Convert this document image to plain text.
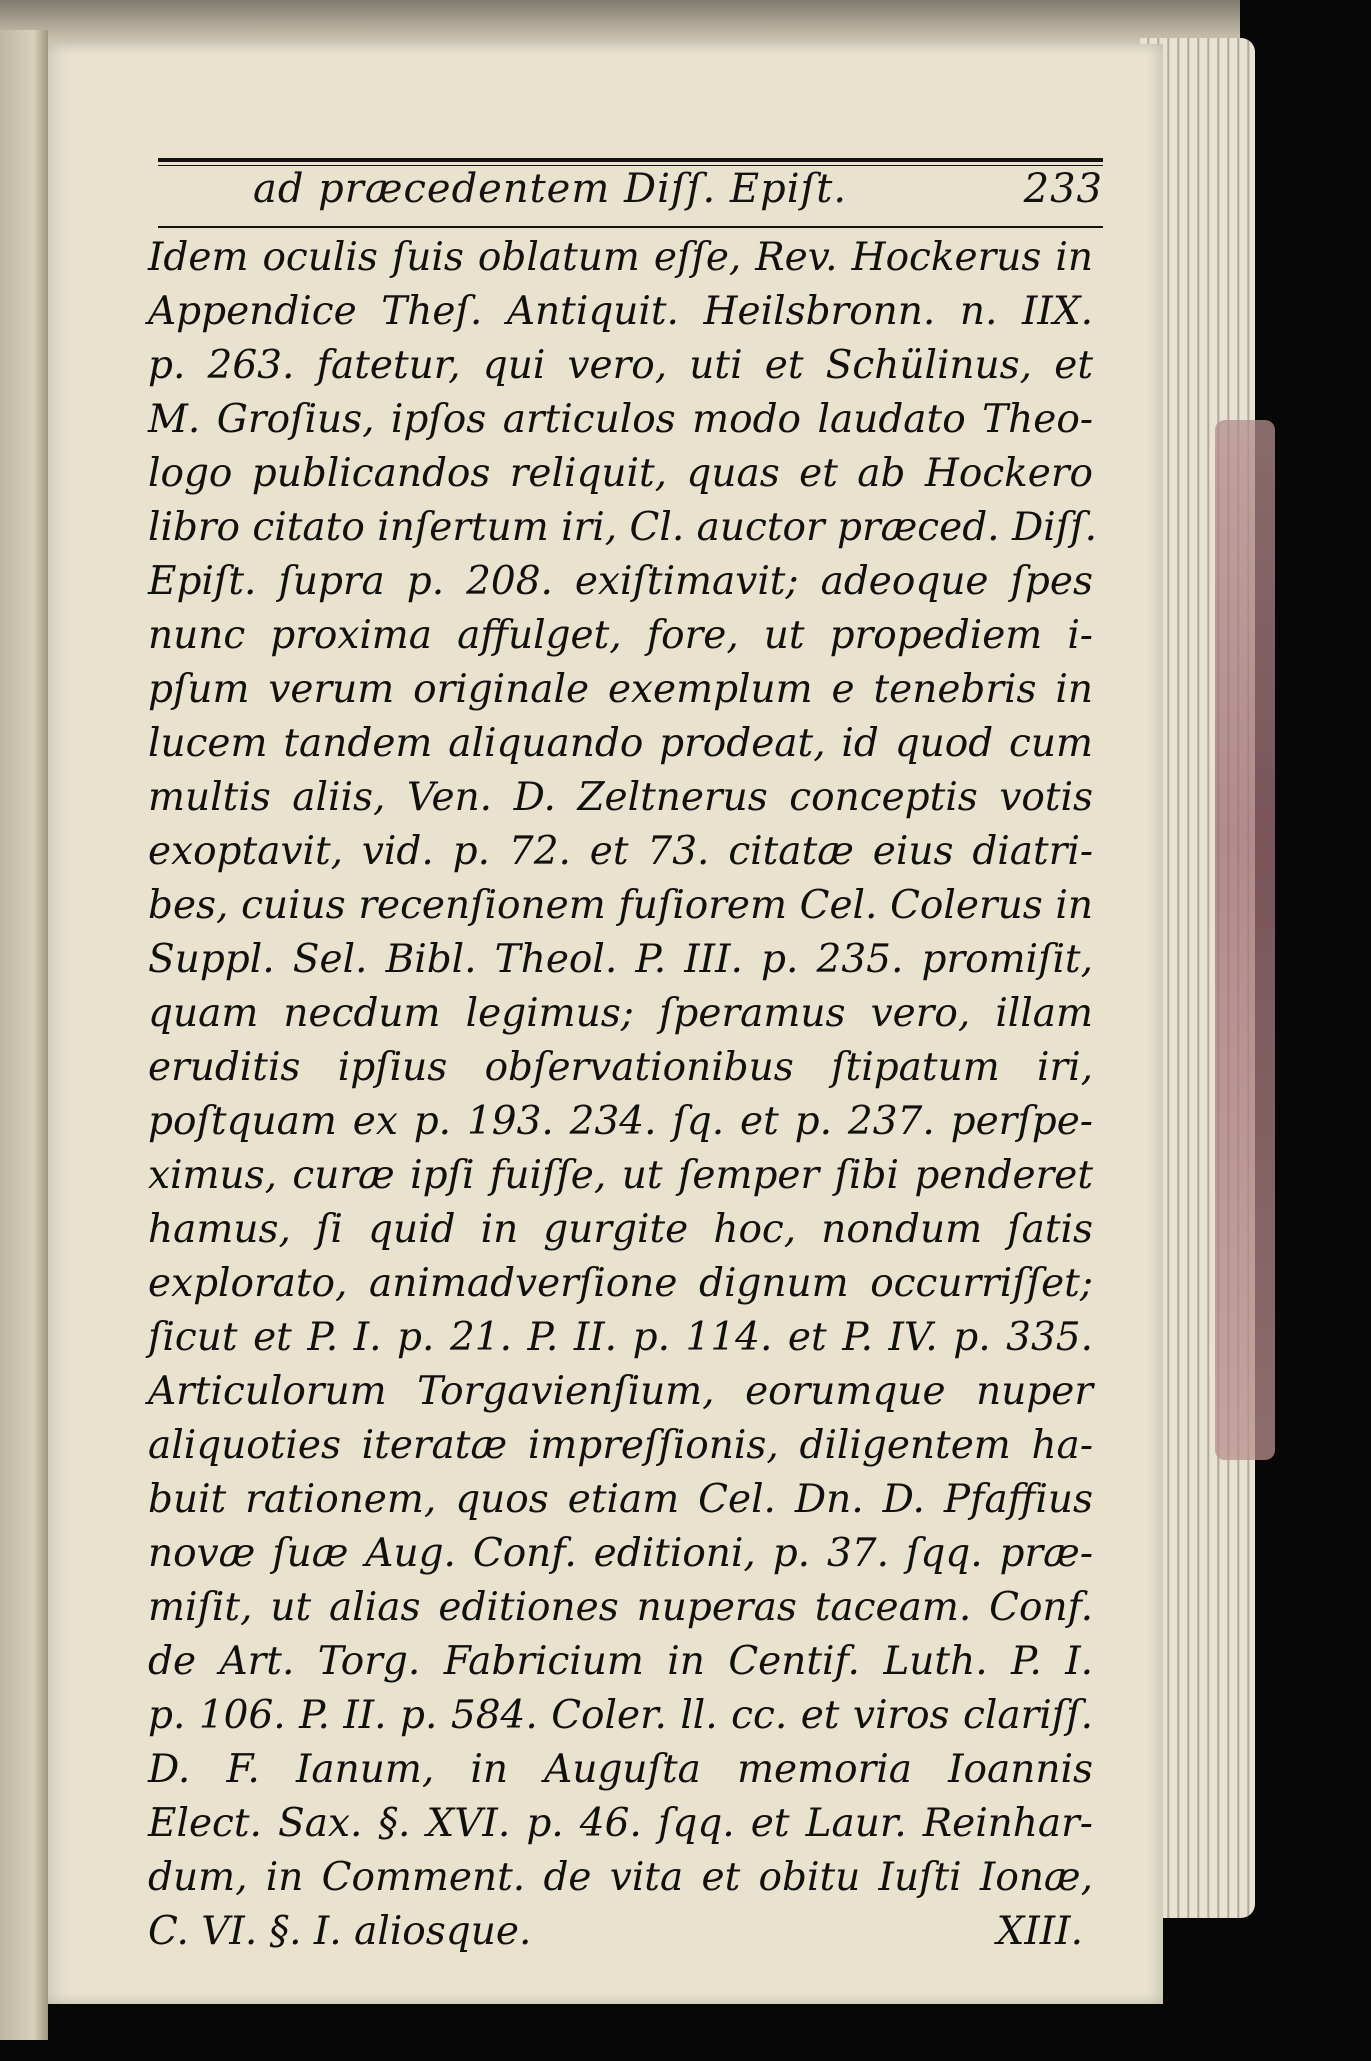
ad præcedentem Diſſ. Epiſt.	233
Idem oculis ſuis oblatum eſſe, Rev. Hockerus in
Appendice Theſ. Antiquit. Heilsbronn. n. IIX.
p. 263. fatetur, qui vero, uti et Schülinus, et
M. Groſius, ipſos articulos modo laudato Theo-
logo publicandos reliquit, quas et ab Hockero
libro citato inſertum iri, Cl. auctor præced. Diſſ.
Epiſt. ſupra p. 208. exiſtimavit; adeoque ſpes
nunc proxima affulget, fore, ut propediem i-
pſum verum originale exemplum e tenebris in
lucem tandem aliquando prodeat, id quod cum
multis aliis, Ven. D. Zeltnerus conceptis votis
exoptavit, vid. p. 72. et 73. citatæ eius diatri-
bes, cuius recenſionem fuſiorem Cel. Colerus in
Suppl. Sel. Bibl. Theol. P. III. p. 235. promiſit,
quam necdum legimus; ſperamus vero, illam
eruditis ipſius obſervationibus ſtipatum iri,
poſtquam ex p. 193. 234. ſq. et p. 237. perſpe-
ximus, curæ ipſi fuiſſe, ut ſemper ſibi penderet
hamus, ſi quid in gurgite hoc, nondum ſatis
explorato, animadverſione dignum occurriſſet;
ſicut et P. I. p. 21. P. II. p. 114. et P. IV. p. 335.
Articulorum Torgavienſium, eorumque nuper
aliquoties iteratæ impreſſionis, diligentem ha-
buit rationem, quos etiam Cel. Dn. D. Pfaffius
novæ ſuæ Aug. Conf. editioni, p. 37. ſqq. præ-
miſit, ut alias editiones nuperas taceam. Conf.
de Art. Torg. Fabricium in Centif. Luth. P. I.
p. 106. P. II. p. 584. Coler. ll. cc. et viros clariſſ.
D. F. Ianum, in Auguſta memoria Ioannis
Elect. Sax. §. XVI. p. 46. ſqq. et Laur. Reinhar-
dum, in Comment. de vita et obitu Iuſti Ionæ,
C. VI. §. I. aliosque.	XIII.
